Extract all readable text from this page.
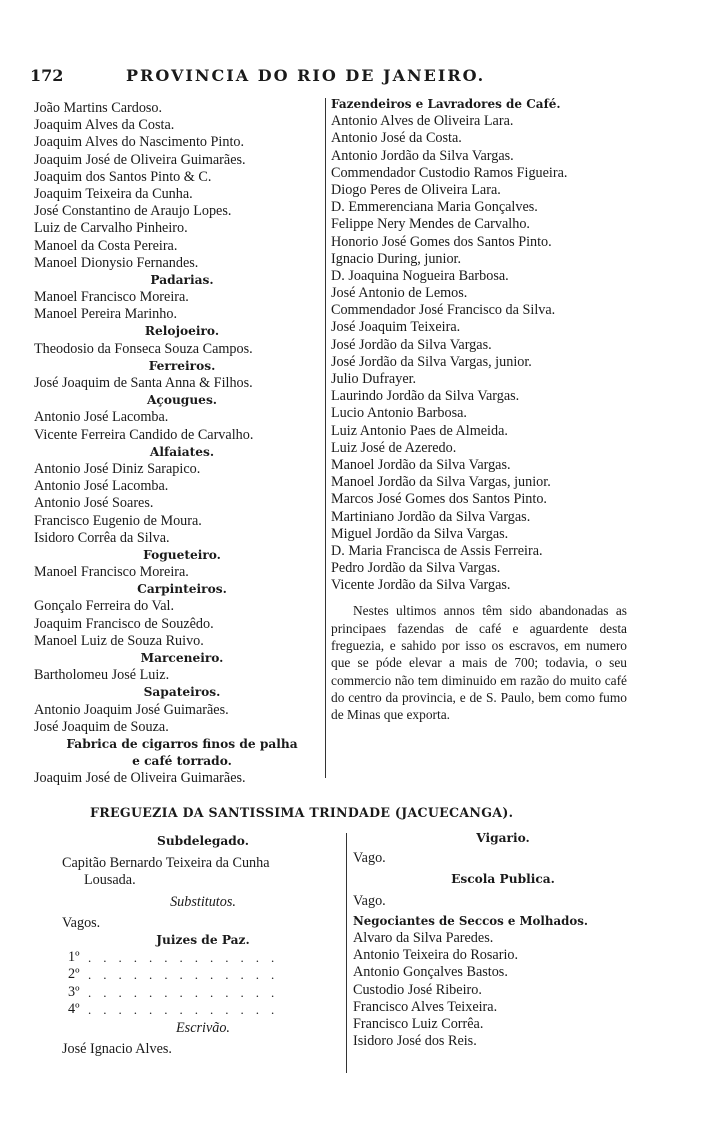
172	PROVINCIA DO RIO DE JANEIRO.
João Martins Cardoso.
Joaquim Alves da Costa.
Joaquim Alves do Nascimento Pinto.
Joaquim José de Oliveira Guimarães.
Joaquim dos Santos Pinto & C.
Joaquim Teixeira da Cunha.
José Constantino de Araujo Lopes.
Luiz de Carvalho Pinheiro.
Manoel da Costa Pereira.
Manoel Dionysio Fernandes.
Padarias.
Manoel Francisco Moreira.
Manoel Pereira Marinho.
Relojoeiro.
Theodosio da Fonseca Souza Campos.
Ferreiros.
José Joaquim de Santa Anna & Filhos.
Açougues.
Antonio José Lacomba.
Vicente Ferreira Candido de Carvalho.
Alfaiates.
Antonio José Diniz Sarapico.
Antonio José Lacomba.
Antonio José Soares.
Francisco Eugenio de Moura.
Isidoro Corrêa da Silva.
Fogueteiro.
Manoel Francisco Moreira.
Carpinteiros.
Gonçalo Ferreira do Val.
Joaquim Francisco de Souzêdo.
Manoel Luiz de Souza Ruivo.
Marceneiro.
Bartholomeu José Luiz.
Sapateiros.
Antonio Joaquim José Guimarães.
José Joaquim de Souza.
Fabrica de cigarros finos de palha
e café torrado.
Joaquim José de Oliveira Guimarães.
Fazendeiros e Lavradores de Café.
Antonio Alves de Oliveira Lara.
Antonio José da Costa.
Antonio Jordão da Silva Vargas.
Commendador Custodio Ramos Figueira.
Diogo Peres de Oliveira Lara.
D. Emmerenciana Maria Gonçalves.
Felippe Nery Mendes de Carvalho.
Honorio José Gomes dos Santos Pinto.
Ignacio During, junior.
D. Joaquina Nogueira Barbosa.
José Antonio de Lemos.
Commendador José Francisco da Silva.
José Joaquim Teixeira.
José Jordão da Silva Vargas.
José Jordão da Silva Vargas, junior.
Julio Dufrayer.
Laurindo Jordão da Silva Vargas.
Lucio Antonio Barbosa.
Luiz Antonio Paes de Almeida.
Luiz José de Azeredo.
Manoel Jordão da Silva Vargas.
Manoel Jordão da Silva Vargas, junior.
Marcos José Gomes dos Santos Pinto.
Martiniano Jordão da Silva Vargas.
Miguel Jordão da Silva Vargas.
D. Maria Francisca de Assis Ferreira.
Pedro Jordão da Silva Vargas.
Vicente Jordão da Silva Vargas.
Nestes ultimos annos têm sido abandonadas as principaes fazendas de café e aguardente desta freguezia, e sahido por isso os escravos, em numero que se póde elevar a mais de 700; todavia, o seu commercio não tem diminuido em razão do muito café do centro da provincia, e de S. Paulo, bem como fumo de Minas que exporta.
FREGUEZIA DA SANTISSIMA TRINDADE (JACUECANGA).
Subdelegado.
Capitão Bernardo Teixeira da Cunha
Lousada.
Substitutos.
Vagos.
Juizes de Paz.
1º .............
2º .............
3º .............
4º .............
Escrivão.
José Ignacio Alves.
Vigario.
Vago.
Escola Publica.
Vago.
Negociantes de Seccos e Molhados.
Alvaro da Silva Paredes.
Antonio Teixeira do Rosario.
Antonio Gonçalves Bastos.
Custodio José Ribeiro.
Francisco Alves Teixeira.
Francisco Luiz Corrêa.
Isidoro José dos Reis.
